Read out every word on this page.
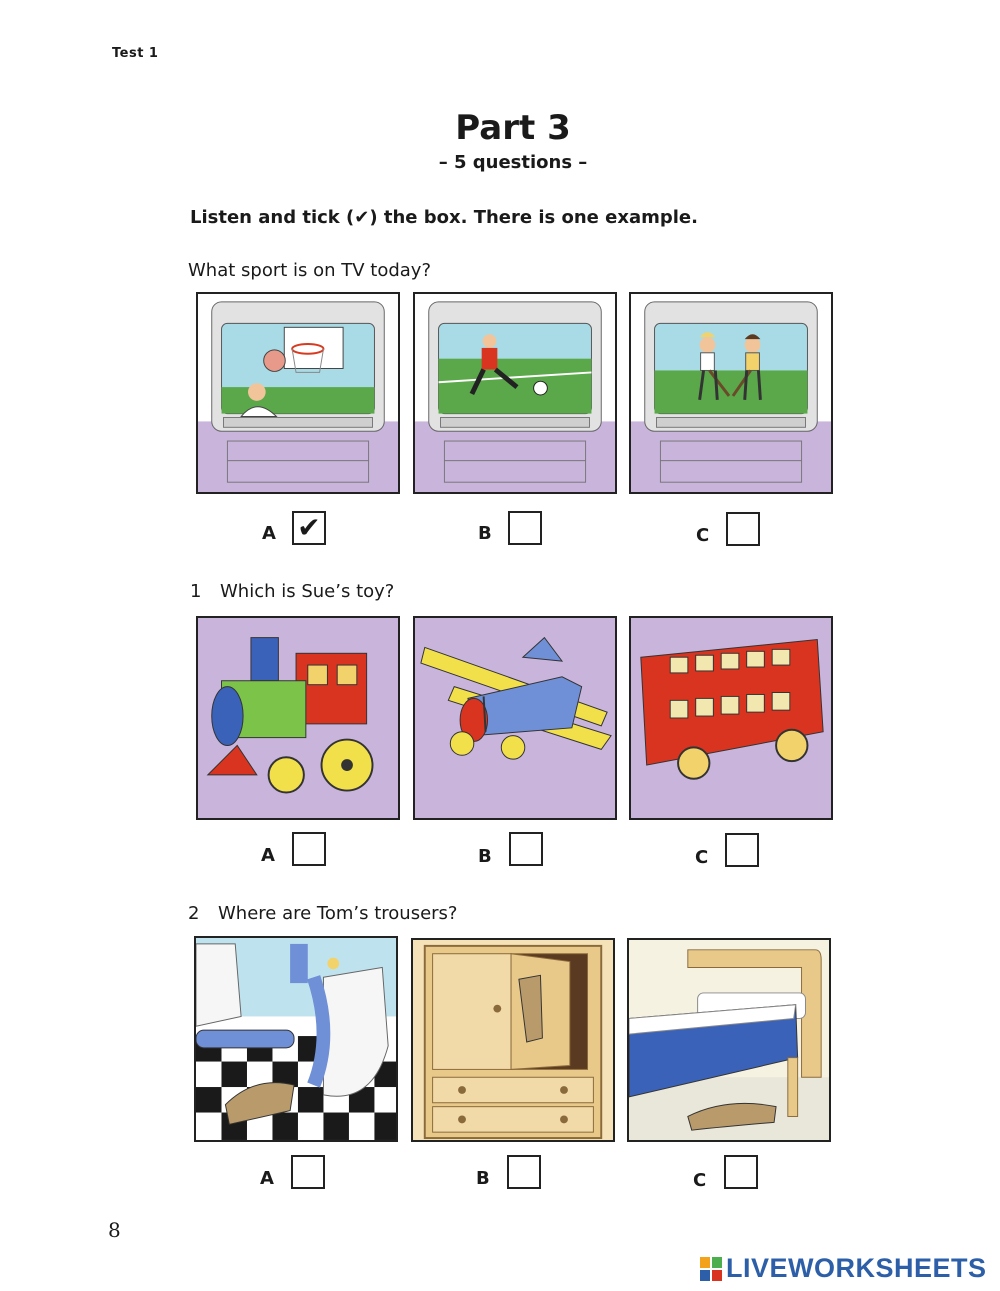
Test 1
Part 3
– 5 questions –
Listen and tick (✔) the box. There is one example.
What sport is on TV today?
A ✔	B	C
1 Which is Sue’s toy?
A	B	C
2 Where are Tom’s trousers?
A	B	C
8
LIVEWORKSHEETS
